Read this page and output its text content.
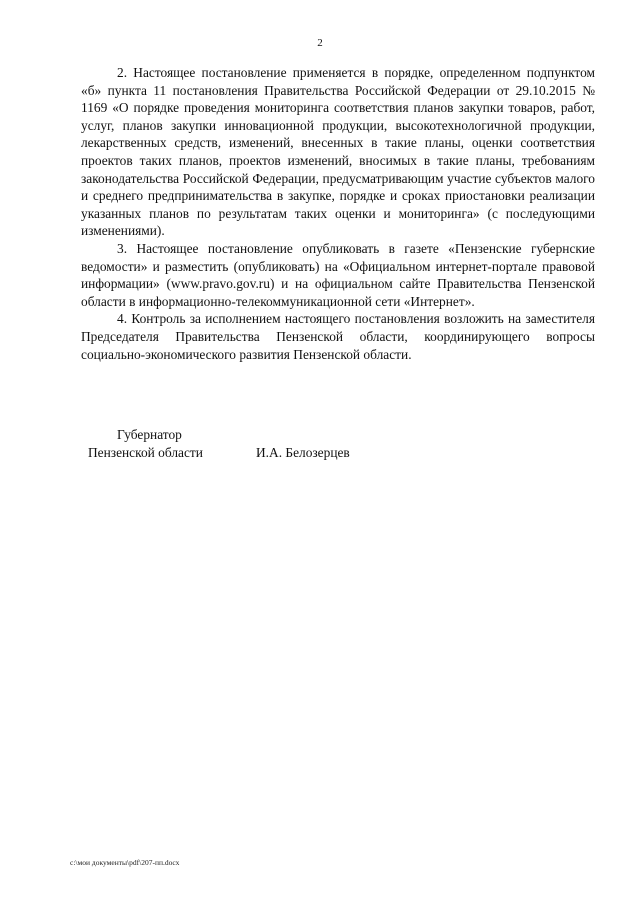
2

2. Настоящее постановление применяется в порядке, определенном подпунктом «б» пункта 11 постановления Правительства Российской Федерации от 29.10.2015 № 1169 «О порядке проведения мониторинга соответствия планов закупки товаров, работ, услуг, планов закупки инновационной продукции, высокотехнологичной продукции, лекарственных средств, изменений, внесенных в такие планы, оценки соответствия проектов таких планов, проектов изменений, вносимых в такие планы, требованиям законодательства Российской Федерации, предусматривающим участие субъектов малого и среднего предпринимательства в закупке, порядке и сроках приостановки реализации указанных планов по результатам таких оценки и мониторинга» (с последующими изменениями).

3. Настоящее постановление опубликовать в газете «Пензенские губернские ведомости» и разместить (опубликовать) на «Официальном интернет-портале правовой информации» (www.pravo.gov.ru) и на официальном сайте Правительства Пензенской области в информационно-телекоммуникационной сети «Интернет».

4. Контроль за исполнением настоящего постановления возложить на заместителя Председателя Правительства Пензенской области, координирующего вопросы социально-экономического развития Пензенской области.

Губернатор
Пензенской области	И.А. Белозерцев
c:\мои документы\pdf\207-пп.docx
